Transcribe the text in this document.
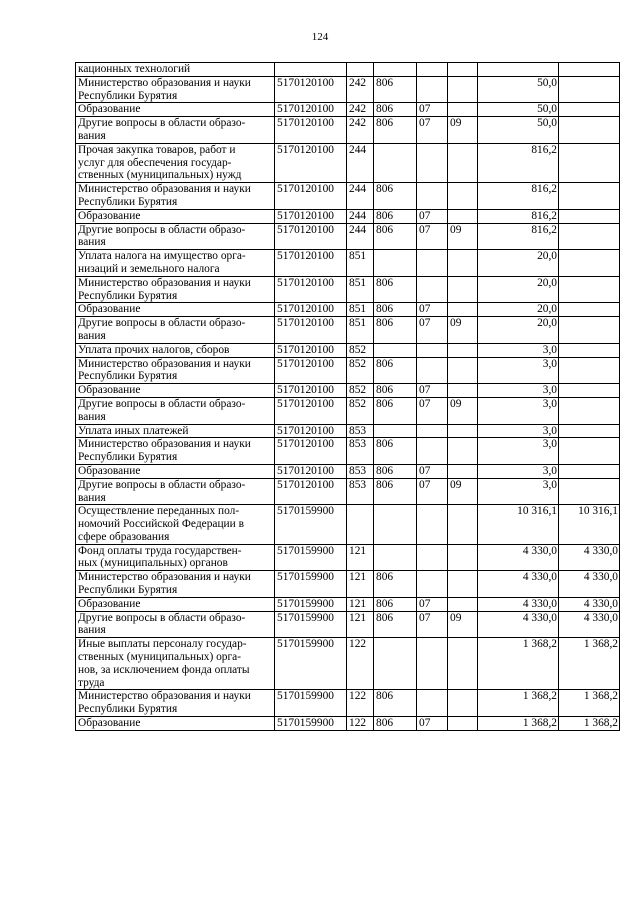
124
кационных технологий							
Министерство образования и науки
Республики Бурятия	5170120100	242	806			50,0	
Образование	5170120100	242	806	07		50,0	
Другие вопросы в области образо-
вания	5170120100	242	806	07	09	50,0	
Прочая закупка товаров, работ и
услуг для обеспечения государ-
ственных (муниципальных) нужд	5170120100	244				816,2	
Министерство образования и науки
Республики Бурятия	5170120100	244	806			816,2	
Образование	5170120100	244	806	07		816,2	
Другие вопросы в области образо-
вания	5170120100	244	806	07	09	816,2	
Уплата налога на имущество орга-
низаций и земельного налога	5170120100	851				20,0	
Министерство образования и науки
Республики Бурятия	5170120100	851	806			20,0	
Образование	5170120100	851	806	07		20,0	
Другие вопросы в области образо-
вания	5170120100	851	806	07	09	20,0	
Уплата прочих налогов, сборов	5170120100	852				3,0	
Министерство образования и науки
Республики Бурятия	5170120100	852	806			3,0	
Образование	5170120100	852	806	07		3,0	
Другие вопросы в области образо-
вания	5170120100	852	806	07	09	3,0	
Уплата иных платежей	5170120100	853				3,0	
Министерство образования и науки
Республики Бурятия	5170120100	853	806			3,0	
Образование	5170120100	853	806	07		3,0	
Другие вопросы в области образо-
вания	5170120100	853	806	07	09	3,0	
Осуществление переданных пол-
номочий Российской Федерации в
сфере образования	5170159900					10 316,1	10 316,1
Фонд оплаты труда государствен-
ных (муниципальных) органов	5170159900	121				4 330,0	4 330,0
Министерство образования и науки
Республики Бурятия	5170159900	121	806			4 330,0	4 330,0
Образование	5170159900	121	806	07		4 330,0	4 330,0
Другие вопросы в области образо-
вания	5170159900	121	806	07	09	4 330,0	4 330,0
Иные выплаты персоналу государ-
ственных (муниципальных) орга-
нов, за исключением фонда оплаты
труда	5170159900	122				1 368,2	1 368,2
Министерство образования и науки
Республики Бурятия	5170159900	122	806			1 368,2	1 368,2
Образование	5170159900	122	806	07		1 368,2	1 368,2
